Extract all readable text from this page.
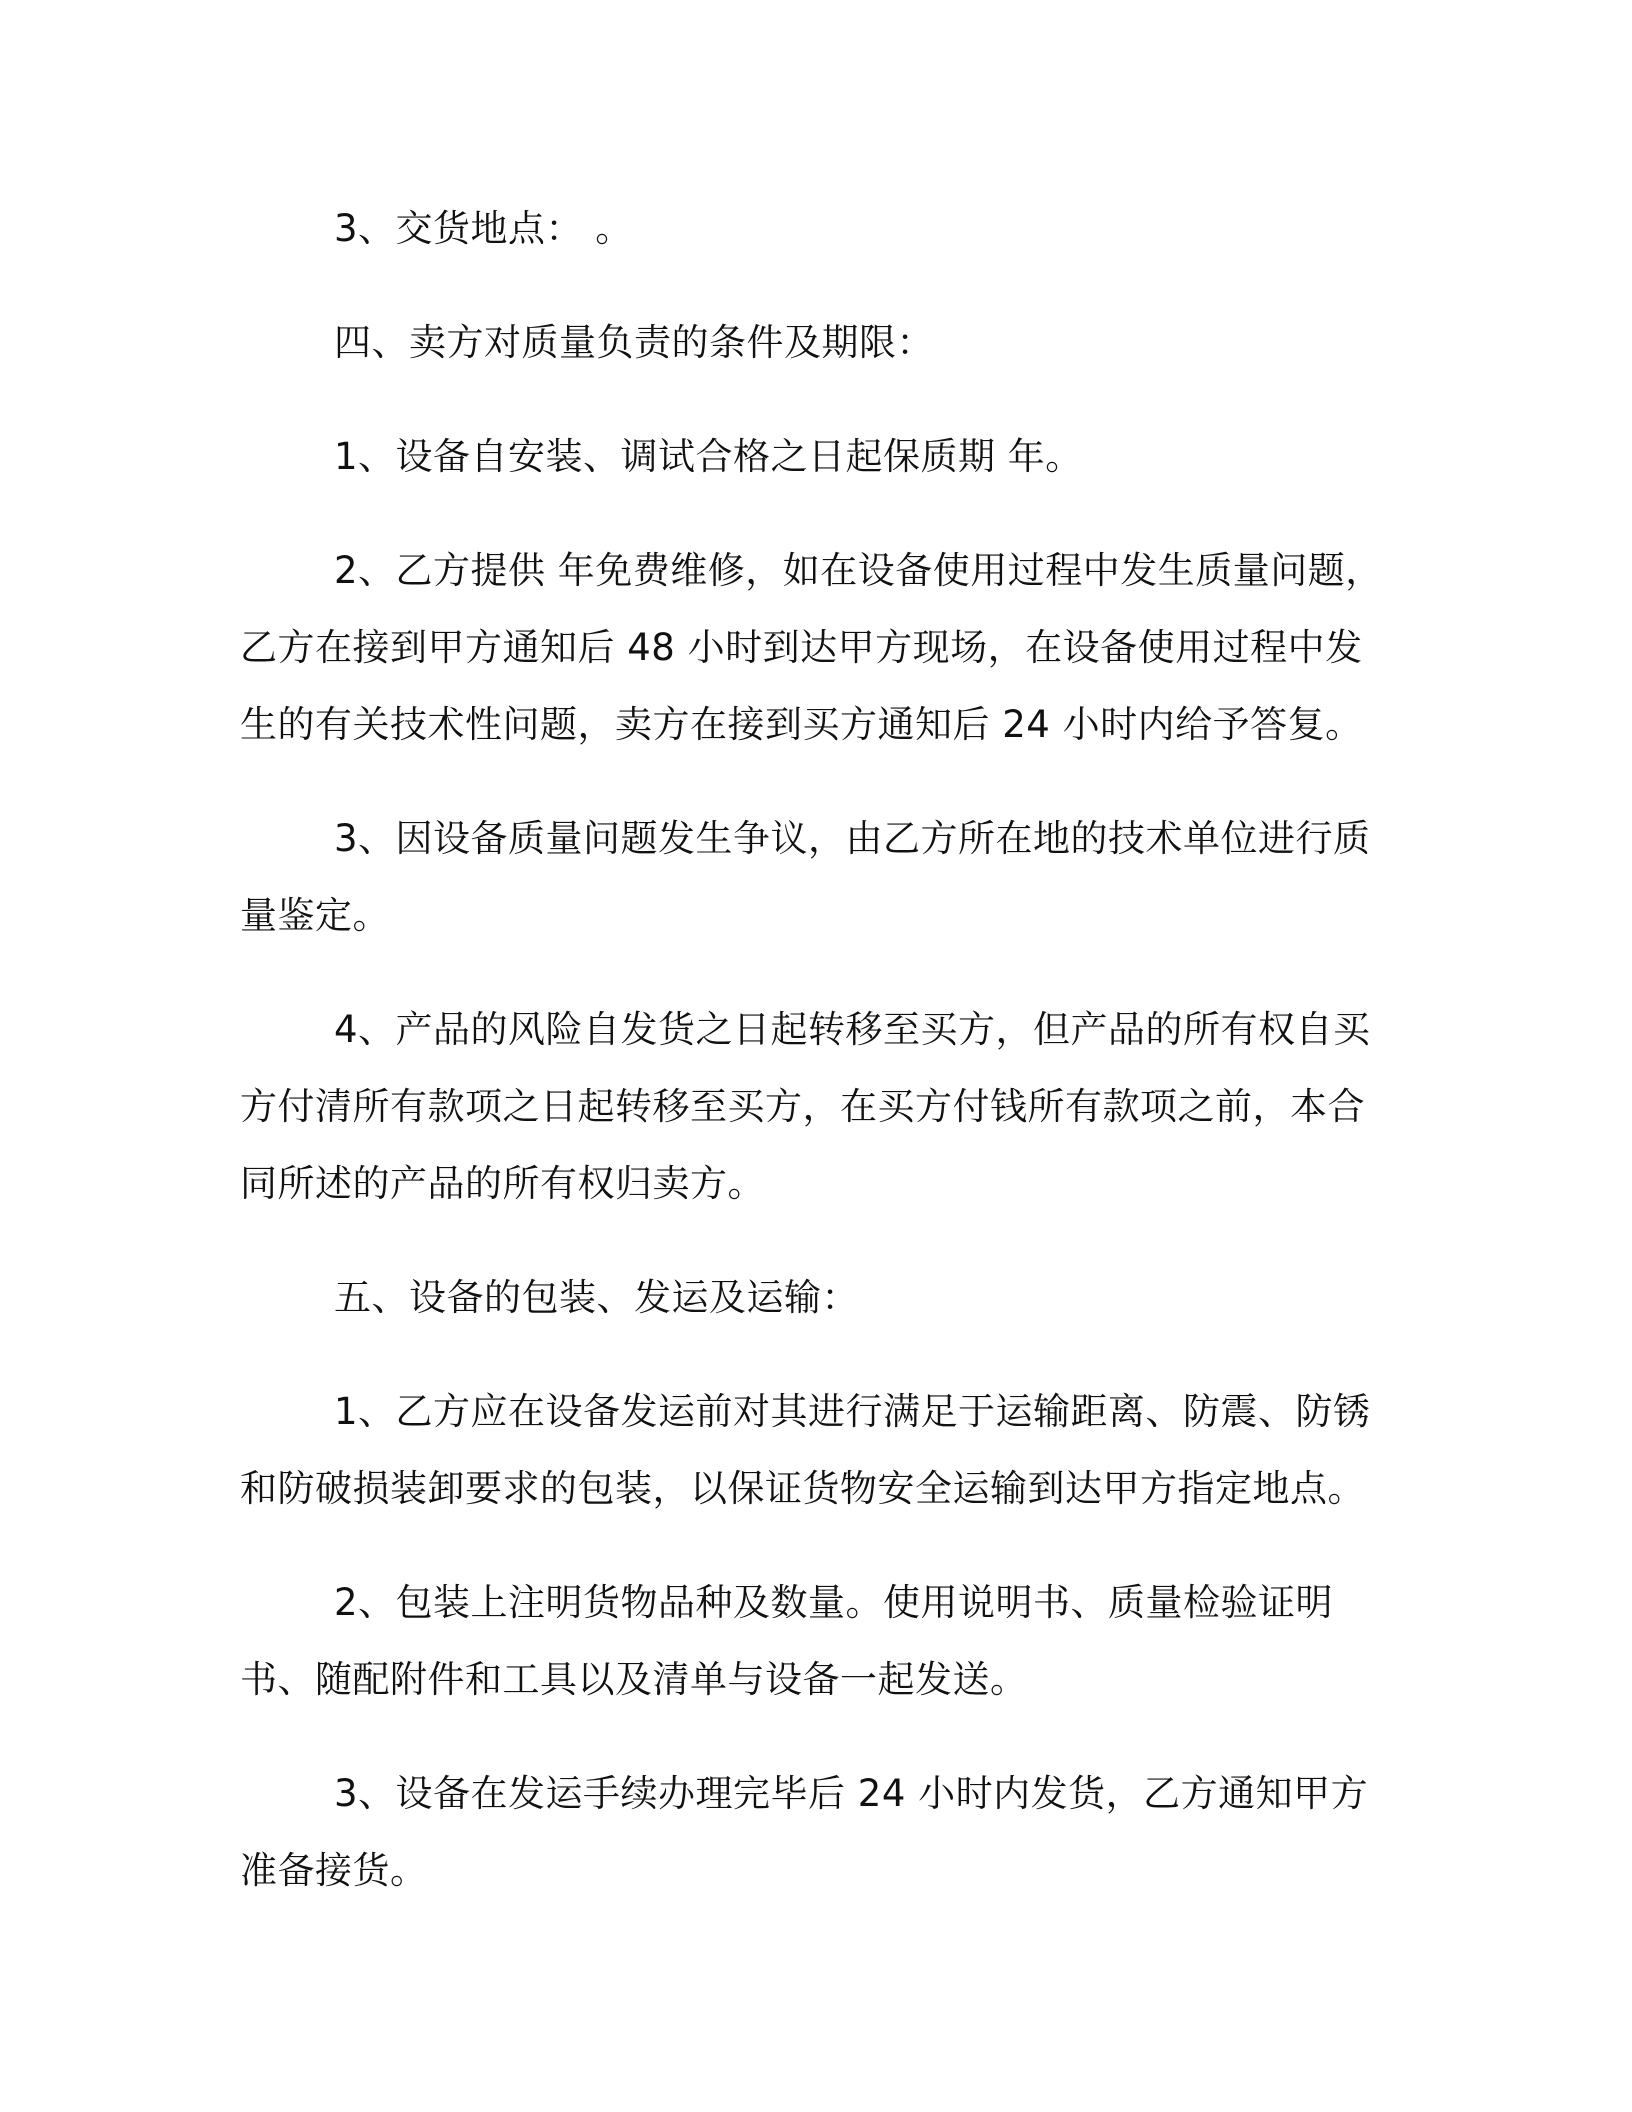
3、交货地点： 。

四、卖方对质量负责的条件及期限：

1、设备自安装、调试合格之日起保质期 年。

2、乙方提供 年免费维修，如在设备使用过程中发生质量问题，乙方在接到甲方通知后 48 小时到达甲方现场，在设备使用过程中发生的有关技术性问题，卖方在接到买方通知后 24 小时内给予答复。

3、因设备质量问题发生争议，由乙方所在地的技术单位进行质量鉴定。

4、产品的风险自发货之日起转移至买方，但产品的所有权自买方付清所有款项之日起转移至买方，在买方付钱所有款项之前，本合同所述的产品的所有权归卖方。

五、设备的包装、发运及运输：

1、乙方应在设备发运前对其进行满足于运输距离、防震、防锈和防破损装卸要求的包装，以保证货物安全运输到达甲方指定地点。

2、包装上注明货物品种及数量。使用说明书、质量检验证明书、随配附件和工具以及清单与设备一起发送。

3、设备在发运手续办理完毕后 24 小时内发货，乙方通知甲方准备接货。
